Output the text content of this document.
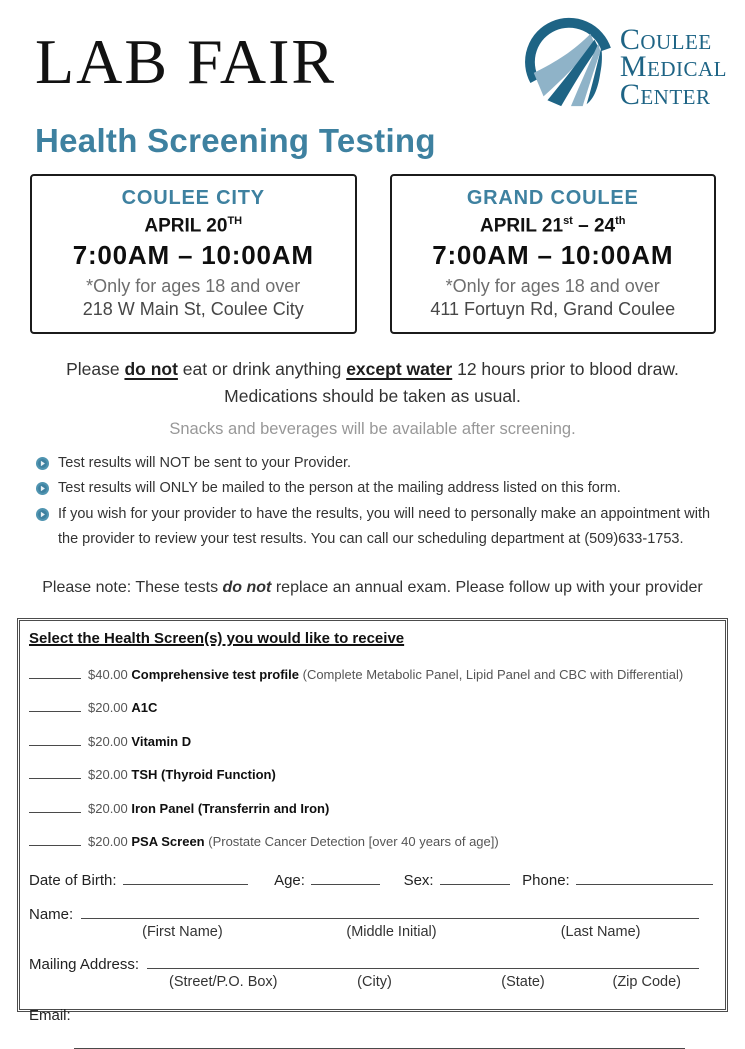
LAB FAIR	Coulee
Medical
Center
Health Screening Testing
COULEE CITY
APRIL 20TH
7:00AM – 10:00AM
*Only for ages 18 and over
218 W Main St, Coulee City
GRAND COULEE
APRIL 21st – 24th
7:00AM – 10:00AM
*Only for ages 18 and over
411 Fortuyn Rd, Grand Coulee
Please do not eat or drink anything except water 12 hours prior to blood draw.
Medications should be taken as usual.
Snacks and beverages will be available after screening.
Test results will NOT be sent to your Provider.
Test results will ONLY be mailed to the person at the mailing address listed on this form.
If you wish for your provider to have the results, you will need to personally make an appointment with the provider to review your test results. You can call our scheduling department at (509)633-1753.
Please note: These tests do not replace an annual exam. Please follow up with your provider
Select the Health Screen(s) you would like to receive
$40.00 Comprehensive test profile (Complete Metabolic Panel, Lipid Panel and CBC with Differential)
$20.00 A1C
$20.00 Vitamin D
$20.00 TSH (Thyroid Function)
$20.00 Iron Panel (Transferrin and Iron)
$20.00 PSA Screen (Prostate Cancer Detection [over 40 years of age])
Date of Birth:	Age:	Sex:	Phone:
Name:
(First Name)	(Middle Initial)	(Last Name)
Mailing Address:
(Street/P.O. Box)	(City)	(State)	(Zip Code)
Email:
